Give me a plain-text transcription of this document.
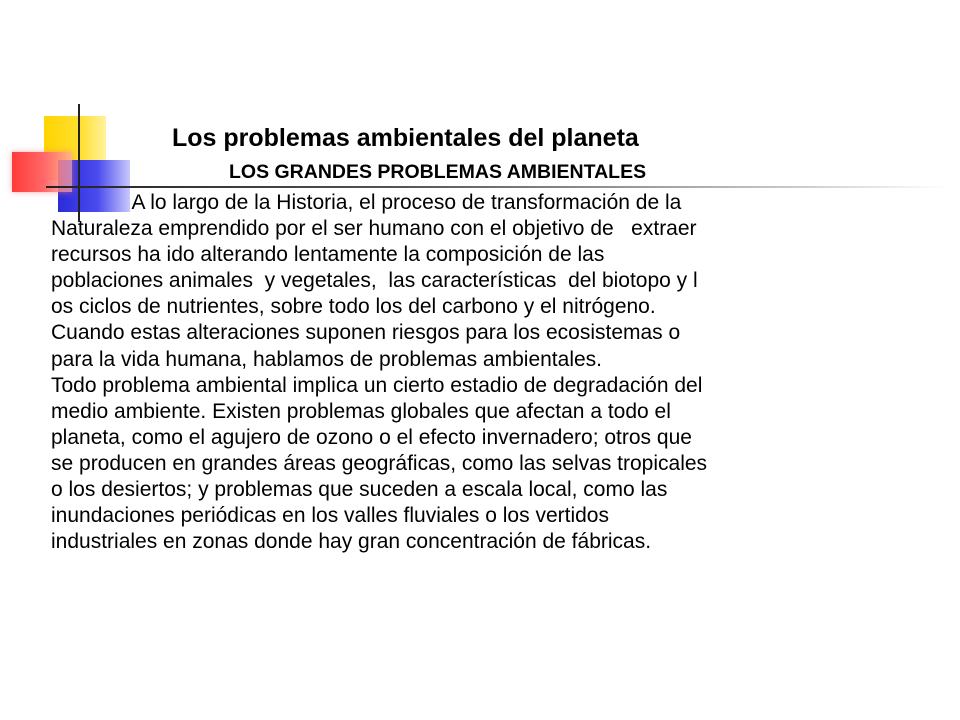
Los problemas ambientales del planeta
LOS GRANDES PROBLEMAS AMBIENTALES
A lo largo de la Historia, el proceso de transformación de la
Naturaleza emprendido por el ser humano con el objetivo de   extraer
recursos ha ido alterando lentamente la composición de las
poblaciones animales  y vegetales,  las características  del biotopo y l
os ciclos de nutrientes, sobre todo los del carbono y el nitrógeno.
Cuando estas alteraciones suponen riesgos para los ecosistemas o
para la vida humana, hablamos de problemas ambientales.
Todo problema ambiental implica un cierto estadio de degradación del
medio ambiente. Existen problemas globales que afectan a todo el
planeta, como el agujero de ozono o el efecto invernadero; otros que
se producen en grandes áreas geográficas, como las selvas tropicales
o los desiertos; y problemas que suceden a escala local, como las
inundaciones periódicas en los valles fluviales o los vertidos
industriales en zonas donde hay gran concentración de fábricas.
